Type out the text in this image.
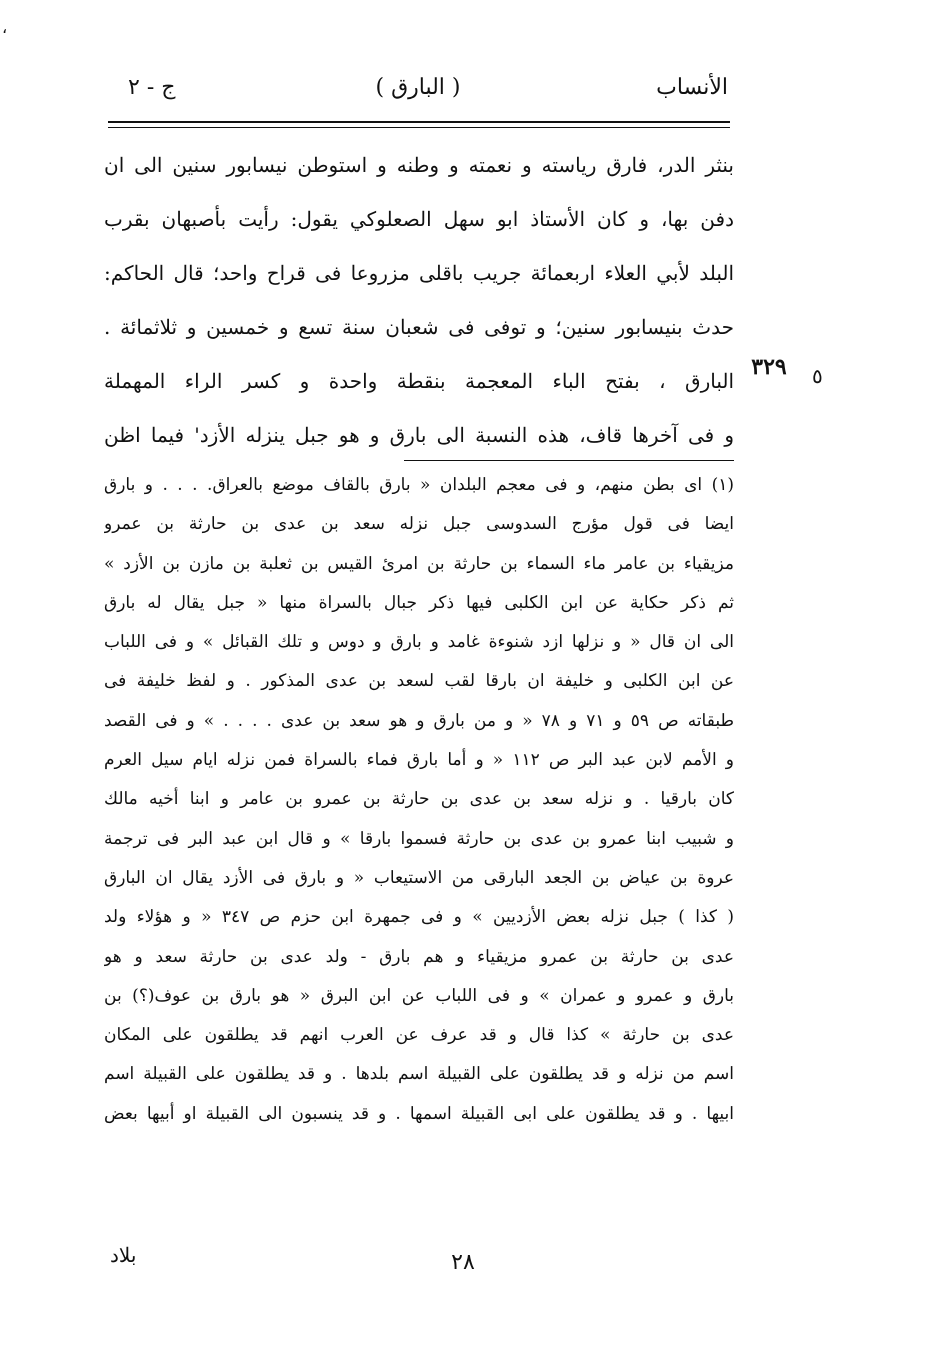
،
الأنساب
( البارق )
ج - ٢
بنثر الدر، فارق رياسته و نعمته و وطنه و استوطن نيسابور سنين الى ان
دفن بها، و كان الأستاذ ابو سهل الصعلوكي يقول: رأيت بأصبهان بقرب
البلد لأبي العلاء اربعمائة جريب باقلى مزروعا فى قراح واحد؛ قال الحاكم:
حدث بنيسابور سنين؛ و توفى فى شعبان سنة تسع و خمسين و ثلاثمائة .
البارق ، بفتح الباء المعجمة بنقطة واحدة و كسر الراء المهملة
و فى آخرها قاف، هذه النسبة الى بارق و هو جبل ينزله الأزد' فيما اظن
٣٢٩	٥
(١) اى بطن منهم، و فى معجم البلدان « بارق بالقاف موضع بالعراق. . . . و بارق
ايضا فى قول مؤرج السدوسى جبل نزله سعد بن عدى بن حارثة بن عمرو
مزيقياء بن عامر ماء السماء بن حارثة بن امرئ القيس بن ثعلبة بن مازن بن الأزد »
ثم ذكر حكاية عن ابن الكلبى فيها ذكر جبال بالسراة منها « جبل يقال له بارق
الى ان قال « و نزلها ازد شنوءة غامد و بارق و دوس و تلك القبائل » و فى اللباب
عن ابن الكلبى و خليفة ان بارقا لقب لسعد بن عدى المذكور . و لفظ خليفة فى
طبقاته ص ٥٩ و ٧١ و ٧٨ « و من بارق و هو سعد بن عدى . . . . » و فى القصد
و الأمم لابن عبد البر ص ١١٢ « و أما بارق فماء بالسراة فمن نزله ايام سيل العرم
كان بارقيا . و نزله سعد بن عدى بن حارثة بن عمرو بن عامر و ابنا أخيه مالك
و شبيب ابنا عمرو بن عدى بن حارثة فسموا بارقا » و قال ابن عبد البر فى ترجمة
عروة بن عياض بن الجعد البارقى من الاستيعاب « و بارق فى الأزد يقال ان البارق
( كذا ) جبل نزله بعض الأزديين » و فى جمهرة ابن حزم ص ٣٤٧ « و هؤلاء ولد
عدى بن حارثة بن عمرو مزيقياء و هم بارق - ولد عدى بن حارثة سعد و هو
بارق و عمرو و عمران » و فى اللباب عن ابن البرق « هو بارق بن عوف(؟) بن
عدى بن حارثة » كذا قال و قد عرف عن العرب انهم قد يطلقون على المكان
اسم من نزله و قد يطلقون على القبيلة اسم بلدها . و قد يطلقون على القبيلة اسم
ابيها . و قد يطلقون على ابى القبيلة اسمها . و قد ينسبون الى القبيلة او أبيها بعض
٢٨
بلاد
